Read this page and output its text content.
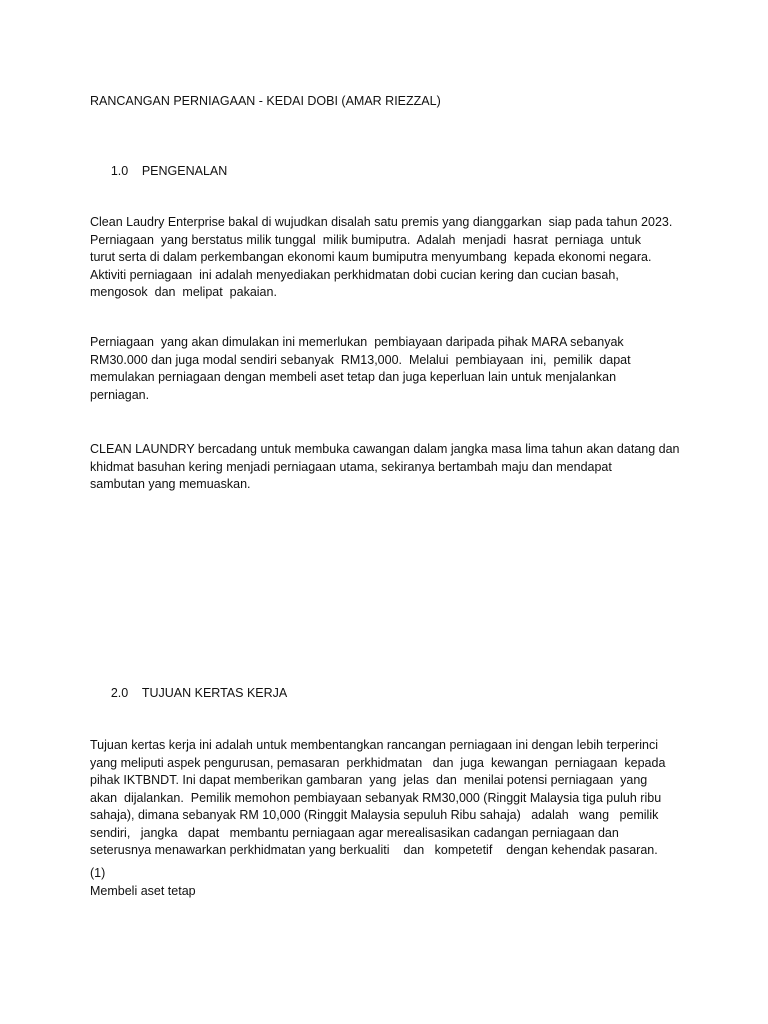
RANCANGAN PERNIAGAAN - KEDAI DOBI (AMAR RIEZZAL)

1.0 PENGENALAN

Clean Laudry Enterprise bakal di wujudkan disalah satu premis yang dianggarkan  siap pada tahun 2023.
Perniagaan  yang berstatus milik tunggal  milik bumiputra.  Adalah  menjadi  hasrat  perniaga  untuk
turut serta di dalam perkembangan ekonomi kaum bumiputra menyumbang  kepada ekonomi negara.
Aktiviti perniagaan  ini adalah menyediakan perkhidmatan dobi cucian kering dan cucian basah,
mengosok  dan  melipat  pakaian.
Perniagaan  yang akan dimulakan ini memerlukan  pembiayaan daripada pihak MARA sebanyak
RM30.000 dan juga modal sendiri sebanyak  RM13,000.  Melalui  pembiayaan  ini,  pemilik  dapat
memulakan perniagaan dengan membeli aset tetap dan juga keperluan lain untuk menjalankan
perniagan.
CLEAN LAUNDRY bercadang untuk membuka cawangan dalam jangka masa lima tahun akan datang dan
khidmat basuhan kering menjadi perniagaan utama, sekiranya bertambah maju dan mendapat
sambutan yang memuaskan.

2.0 TUJUAN KERTAS KERJA

Tujuan kertas kerja ini adalah untuk membentangkan rancangan perniagaan ini dengan lebih terperinci
yang meliputi aspek pengurusan, pemasaran  perkhidmatan   dan  juga  kewangan  perniagaan  kepada
pihak IKTBNDT. Ini dapat memberikan gambaran  yang  jelas  dan  menilai potensi perniagaan  yang
akan  dijalankan.  Pemilik memohon pembiayaan sebanyak RM30,000 (Ringgit Malaysia tiga puluh ribu
sahaja), dimana sebanyak RM 10,000 (Ringgit Malaysia sepuluh Ribu sahaja)   adalah   wang   pemilik
sendiri,   jangka   dapat   membantu perniagaan agar merealisasikan cadangan perniagaan dan
seterusnya menawarkan perkhidmatan yang berkualiti    dan   kompetetif    dengan kehendak pasaran.
(1)
Membeli aset tetap
